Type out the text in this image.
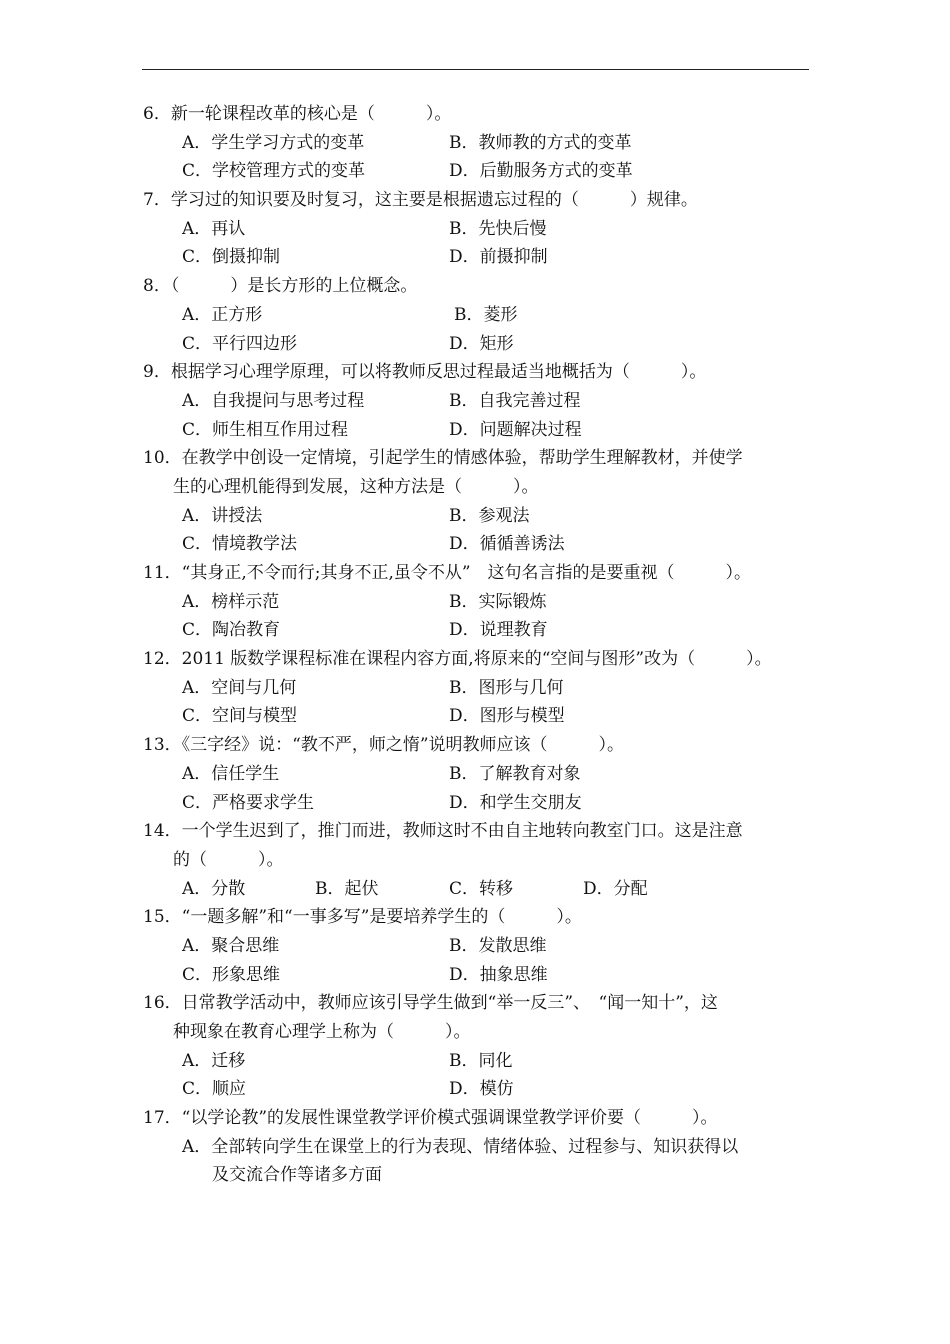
6．新一轮课程改革的核心是（　　　）。
A．学生学习方式的变革	B．教师教的方式的变革
C．学校管理方式的变革	D．后勤服务方式的变革
7．学习过的知识要及时复习，这主要是根据遗忘过程的（　　　）规律。
A．再认	B．先快后慢
C．倒摄抑制	D．前摄抑制
8．（　　　）是长方形的上位概念。
A．正方形	B．菱形
C．平行四边形	D．矩形
9．根据学习心理学原理，可以将教师反思过程最适当地概括为（　　　）。
A．自我提问与思考过程	B．自我完善过程
C．师生相互作用过程	D．问题解决过程
10．在教学中创设一定情境，引起学生的情感体验，帮助学生理解教材，并使学
生的心理机能得到发展，这种方法是（　　　）。
A．讲授法	B．参观法
C．情境教学法	D．循循善诱法
11．“其身正,不令而行;其身不正,虽令不从”　这句名言指的是要重视（　　　）。
A．榜样示范	B．实际锻炼
C．陶冶教育	D．说理教育
12．2011 版数学课程标准在课程内容方面,将原来的“空间与图形”改为（　　　）。
A．空间与几何	B．图形与几何
C．空间与模型	D．图形与模型
13．《三字经》说：“教不严，师之惰”说明教师应该（　　　）。
A．信任学生	B．了解教育对象
C．严格要求学生	D．和学生交朋友
14．一个学生迟到了，推门而进，教师这时不由自主地转向教室门口。这是注意
的（　　　）。
A．分散	B．起伏	C．转移	D．分配
15．“一题多解”和“一事多写”是要培养学生的（　　　）。
A．聚合思维	B．发散思维
C．形象思维	D．抽象思维
16．日常教学活动中，教师应该引导学生做到“举一反三”、　“闻一知十”，这
种现象在教育心理学上称为（　　　）。
A．迁移	B．同化
C．顺应	D．模仿
17．“以学论教”的发展性课堂教学评价模式强调课堂教学评价要（　　　）。
A．全部转向学生在课堂上的行为表现、情绪体验、过程参与、知识获得以
及交流合作等诸多方面
